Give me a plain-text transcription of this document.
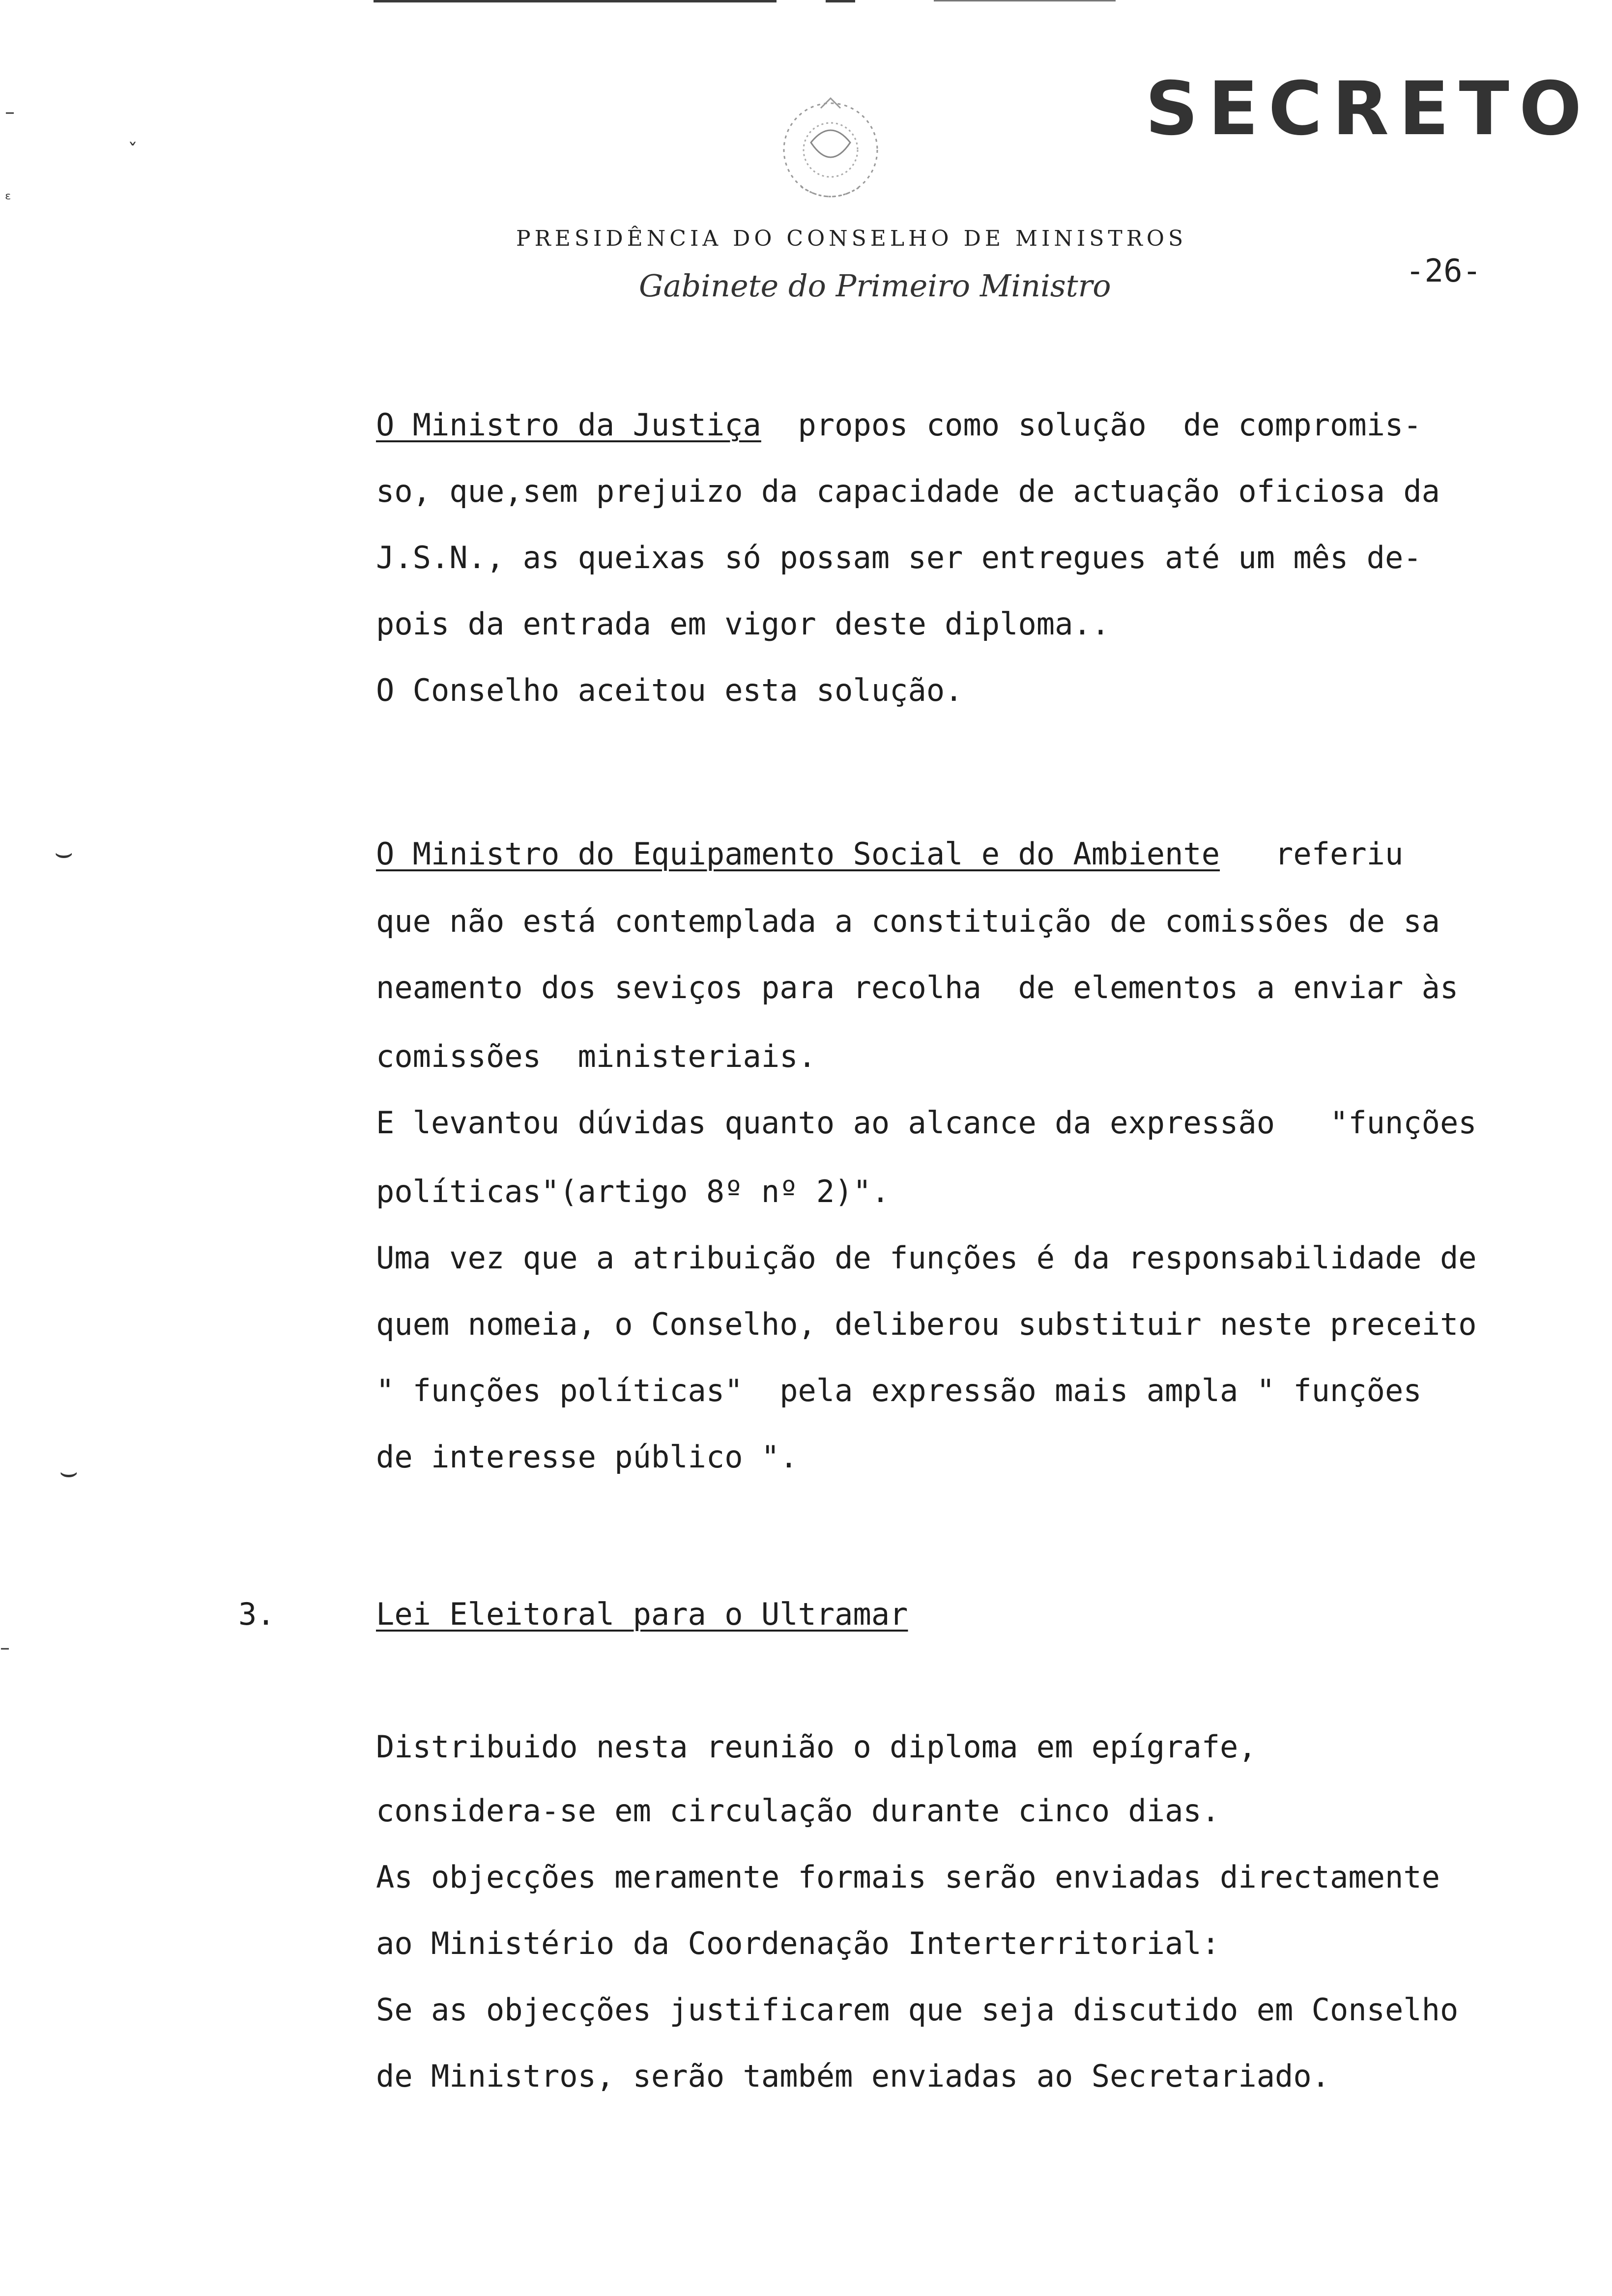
SECRETO
PRESIDÊNCIA DO CONSELHO DE MINISTROS
Gabinete do Primeiro Ministro	-26-
O Ministro da Justiça  propos como solução  de compromis-
so, que,sem prejuizo da capacidade de actuação oficiosa da
J.S.N., as queixas só possam ser entregues até um mês de-
pois da entrada em vigor deste diploma..
O Conselho aceitou esta solução.
O Ministro do Equipamento Social e do Ambiente   referiu
que não está contemplada a constituição de comissões de sa
neamento dos seviços para recolha  de elementos a enviar às
comissões  ministeriais.
E levantou dúvidas quanto ao alcance da expressão   "funções
políticas"(artigo 8º nº 2)".
Uma vez que a atribuição de funções é da responsabilidade de
quem nomeia, o Conselho, deliberou substituir neste preceito
" funções políticas"  pela expressão mais ampla " funções
de interesse público ".
3.	Lei Eleitoral para o Ultramar
Distribuido nesta reunião o diploma em epígrafe,
considera-se em circulação durante cinco dias.
As objecções meramente formais serão enviadas directamente
ao Ministério da Coordenação Interterritorial:
Se as objecções justificarem que seja discutido em Conselho
de Ministros, serão também enviadas ao Secretariado.
–
ˇ
ᵋ
⌣
⌣
–
